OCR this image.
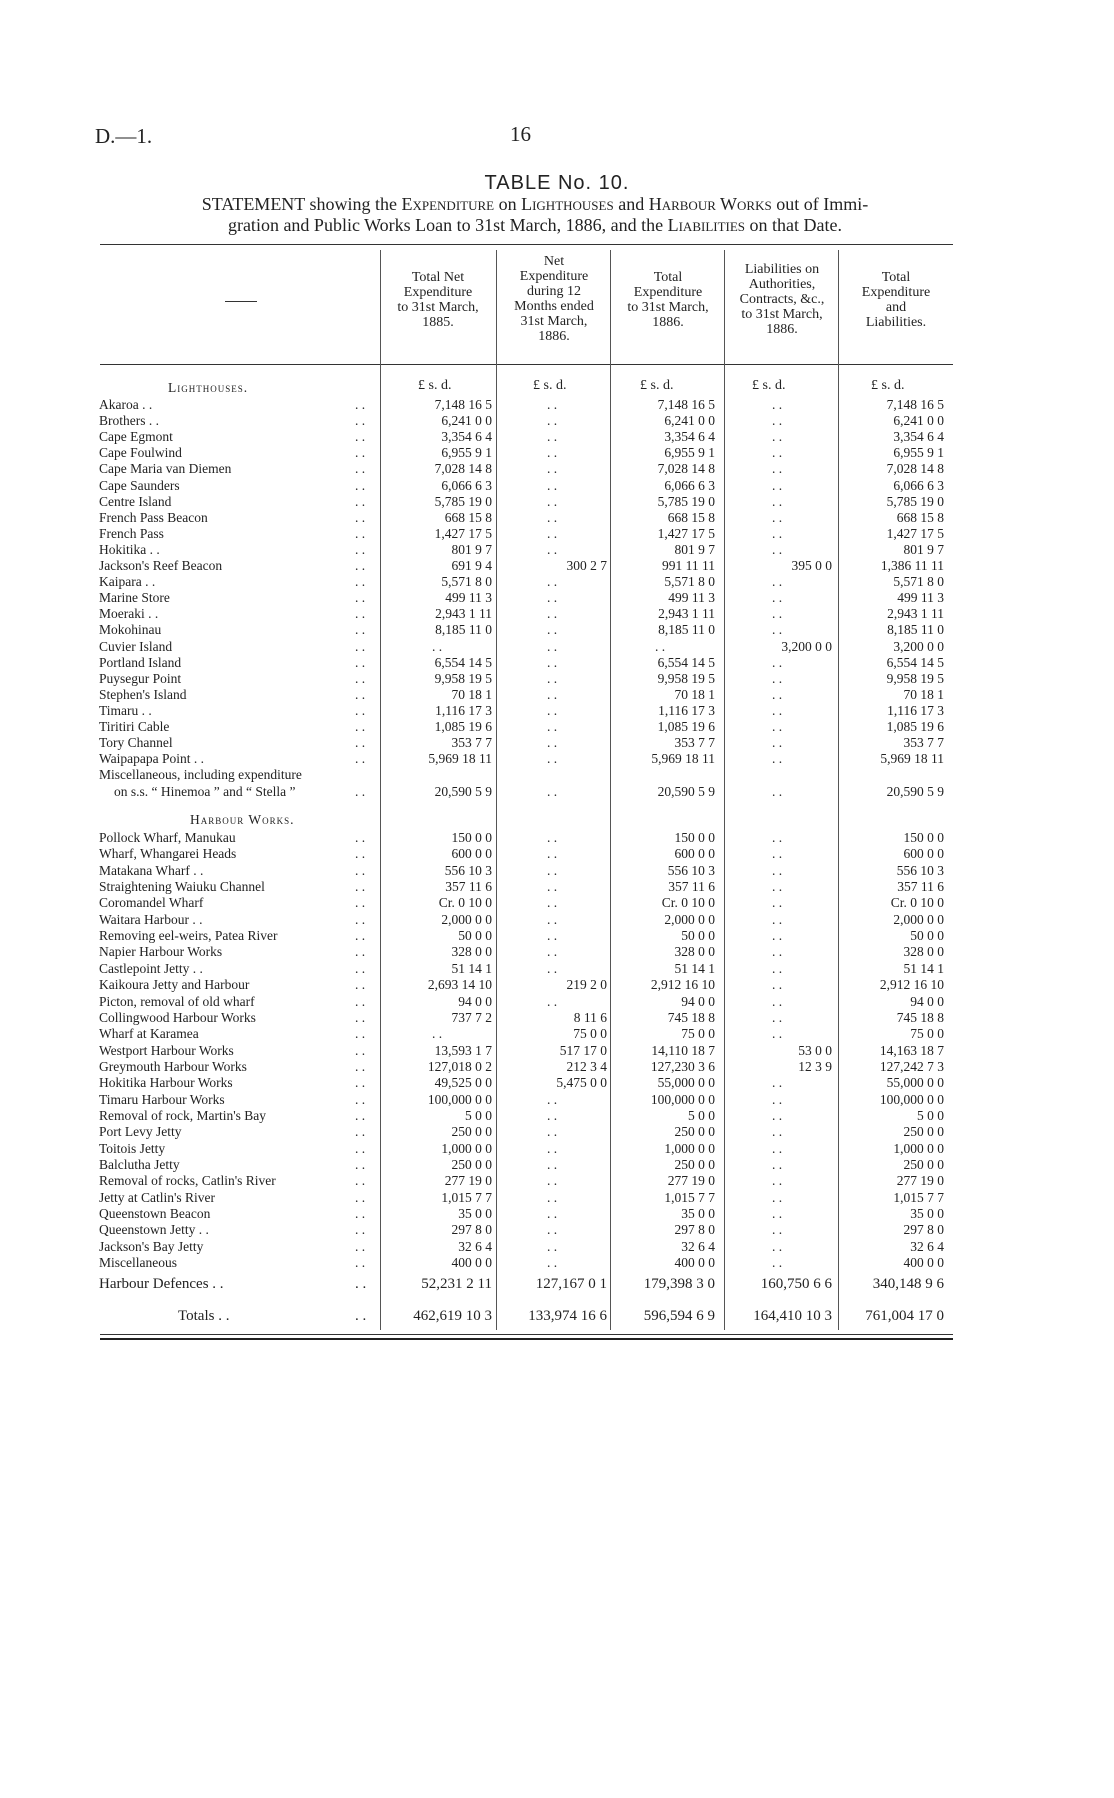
D.—1.	16
TABLE No. 10.
STATEMENT showing the Expenditure on Lighthouses and Harbour Works out of Immi-
gration and Public Works Loan to 31st March, 1886, and the Liabilities on that Date.
Total Net
Expenditure
to 31st March,
1885.
Net
Expenditure
during 12
Months ended
31st March,
1886.
Total
Expenditure
to 31st March,
1886.
Liabilities on
Authorities,
Contracts, &c.,
to 31st March,
1886.
Total
Expenditure
and
Liabilities.
£ s. d.	£ s. d.	£ s. d.	£ s. d.	£ s. d.
Lighthouses.
Harbour Works.
Akaroa . .	. .	7,148 16 5	. .	7,148 16 5	. .	7,148 16 5
Brothers . .	. .	6,241 0 0	. .	6,241 0 0	. .	6,241 0 0
Cape Egmont	. .	3,354 6 4	. .	3,354 6 4	. .	3,354 6 4
Cape Foulwind	. .	6,955 9 1	. .	6,955 9 1	. .	6,955 9 1
Cape Maria van Diemen	. .	7,028 14 8	. .	7,028 14 8	. .	7,028 14 8
Cape Saunders	. .	6,066 6 3	. .	6,066 6 3	. .	6,066 6 3
Centre Island	. .	5,785 19 0	. .	5,785 19 0	. .	5,785 19 0
French Pass Beacon	. .	668 15 8	. .	668 15 8	. .	668 15 8
French Pass	. .	1,427 17 5	. .	1,427 17 5	. .	1,427 17 5
Hokitika . .	. .	801 9 7	. .	801 9 7	. .	801 9 7
Jackson's Reef Beacon	. .	691 9 4	300 2 7	991 11 11	395 0 0	1,386 11 11
Kaipara . .	. .	5,571 8 0	. .	5,571 8 0	. .	5,571 8 0
Marine Store	. .	499 11 3	. .	499 11 3	. .	499 11 3
Moeraki . .	. .	2,943 1 11	. .	2,943 1 11	. .	2,943 1 11
Mokohinau	. .	8,185 11 0	. .	8,185 11 0	. .	8,185 11 0
Cuvier Island	. .	. .	. .	. .	3,200 0 0	3,200 0 0
Portland Island	. .	6,554 14 5	. .	6,554 14 5	. .	6,554 14 5
Puysegur Point	. .	9,958 19 5	. .	9,958 19 5	. .	9,958 19 5
Stephen's Island	. .	70 18 1	. .	70 18 1	. .	70 18 1
Timaru . .	. .	1,116 17 3	. .	1,116 17 3	. .	1,116 17 3
Tiritiri Cable	. .	1,085 19 6	. .	1,085 19 6	. .	1,085 19 6
Tory Channel	. .	353 7 7	. .	353 7 7	. .	353 7 7
Waipapapa Point . .	. .	5,969 18 11	. .	5,969 18 11	. .	5,969 18 11
Miscellaneous, including expenditure
on s.s. “ Hinemoa ” and “ Stella ”	. .	20,590 5 9	. .	20,590 5 9	. .	20,590 5 9
Pollock Wharf, Manukau	. .	150 0 0	. .	150 0 0	. .	150 0 0
Wharf, Whangarei Heads	. .	600 0 0	. .	600 0 0	. .	600 0 0
Matakana Wharf . .	. .	556 10 3	. .	556 10 3	. .	556 10 3
Straightening Waiuku Channel	. .	357 11 6	. .	357 11 6	. .	357 11 6
Coromandel Wharf	. .	Cr. 0 10 0	. .	Cr. 0 10 0	. .	Cr. 0 10 0
Waitara Harbour . .	. .	2,000 0 0	. .	2,000 0 0	. .	2,000 0 0
Removing eel-weirs, Patea River	. .	50 0 0	. .	50 0 0	. .	50 0 0
Napier Harbour Works	. .	328 0 0	. .	328 0 0	. .	328 0 0
Castlepoint Jetty . .	. .	51 14 1	. .	51 14 1	. .	51 14 1
Kaikoura Jetty and Harbour	. .	2,693 14 10	219 2 0	2,912 16 10	. .	2,912 16 10
Picton, removal of old wharf	. .	94 0 0	. .	94 0 0	. .	94 0 0
Collingwood Harbour Works	. .	737 7 2	8 11 6	745 18 8	. .	745 18 8
Wharf at Karamea	. .	. .	75 0 0	75 0 0	. .	75 0 0
Westport Harbour Works	. .	13,593 1 7	517 17 0	14,110 18 7	53 0 0	14,163 18 7
Greymouth Harbour Works	. .	127,018 0 2	212 3 4	127,230 3 6	12 3 9	127,242 7 3
Hokitika Harbour Works	. .	49,525 0 0	5,475 0 0	55,000 0 0	. .	55,000 0 0
Timaru Harbour Works	. .	100,000 0 0	. .	100,000 0 0	. .	100,000 0 0
Removal of rock, Martin's Bay	. .	5 0 0	. .	5 0 0	. .	5 0 0
Port Levy Jetty	. .	250 0 0	. .	250 0 0	. .	250 0 0
Toitois Jetty	. .	1,000 0 0	. .	1,000 0 0	. .	1,000 0 0
Balclutha Jetty	. .	250 0 0	. .	250 0 0	. .	250 0 0
Removal of rocks, Catlin's River	. .	277 19 0	. .	277 19 0	. .	277 19 0
Jetty at Catlin's River	. .	1,015 7 7	. .	1,015 7 7	. .	1,015 7 7
Queenstown Beacon	. .	35 0 0	. .	35 0 0	. .	35 0 0
Queenstown Jetty . .	. .	297 8 0	. .	297 8 0	. .	297 8 0
Jackson's Bay Jetty	. .	32 6 4	. .	32 6 4	. .	32 6 4
Miscellaneous	. .	400 0 0	. .	400 0 0	. .	400 0 0
Harbour Defences . .	. .	52,231 2 11	127,167 0 1	179,398 3 0	160,750 6 6	340,148 9 6
Totals . .	. .	462,619 10 3	133,974 16 6	596,594 6 9	164,410 10 3	761,004 17 0
